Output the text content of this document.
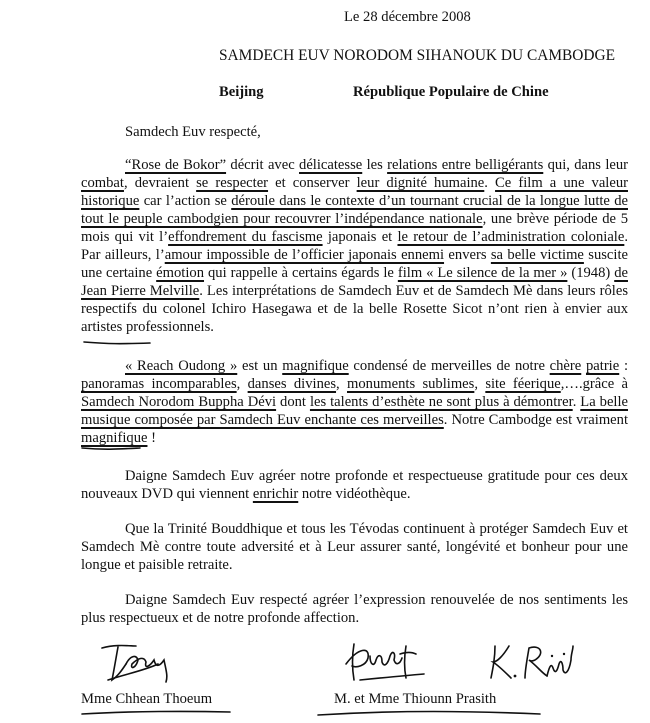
Le 28 décembre 2008
SAMDECH EUV NORODOM SIHANOUK DU CAMBODGE
Beijing	République Populaire de Chine
Samdech Euv respecté,

“Rose de Bokor” décrit avec délicatesse les relations entre belligérants qui, dans leur combat, devraient se respecter et conserver leur dignité humaine. Ce film a une valeur historique car l’action se déroule dans le contexte d’un tournant crucial de la longue lutte de tout le peuple cambodgien pour recouvrer l’indépendance nationale, une brève période de 5 mois qui vit l’effondrement du fascisme japonais et le retour de l’administration coloniale. Par ailleurs, l’amour impossible de l’officier japonais ennemi envers sa belle victime suscite une certaine émotion qui rappelle à certains égards le film « Le silence de la mer » (1948) de Jean Pierre Melville. Les interprétations de Samdech Euv et de Samdech Mè dans leurs rôles respectifs du colonel Ichiro Hasegawa et de la belle Rosette Sicot n’ont rien à envier aux artistes professionnels.

« Reach Oudong » est un magnifique condensé de merveilles de notre chère patrie : panoramas incomparables, danses divines, monuments sublimes, site féerique,….grâce à Samdech Norodom Buppha Dévi dont les talents d’esthète ne sont plus à démontrer. La belle musique composée par Samdech Euv enchante ces merveilles. Notre Cambodge est vraiment magnifique !

Daigne Samdech Euv agréer notre profonde et respectueuse gratitude pour ces deux nouveaux DVD qui viennent enrichir notre vidéothèque.

Que la Trinité Bouddhique et tous les Tévodas continuent à protéger Samdech Euv et Samdech Mè contre toute adversité et à Leur assurer santé, longévité et bonheur pour une longue et paisible retraite.

Daigne Samdech Euv respecté agréer l’expression renouvelée de nos sentiments les plus respectueux et de notre profonde affection.

Mme Chhean Thoeum	M. et Mme Thiounn Prasith
